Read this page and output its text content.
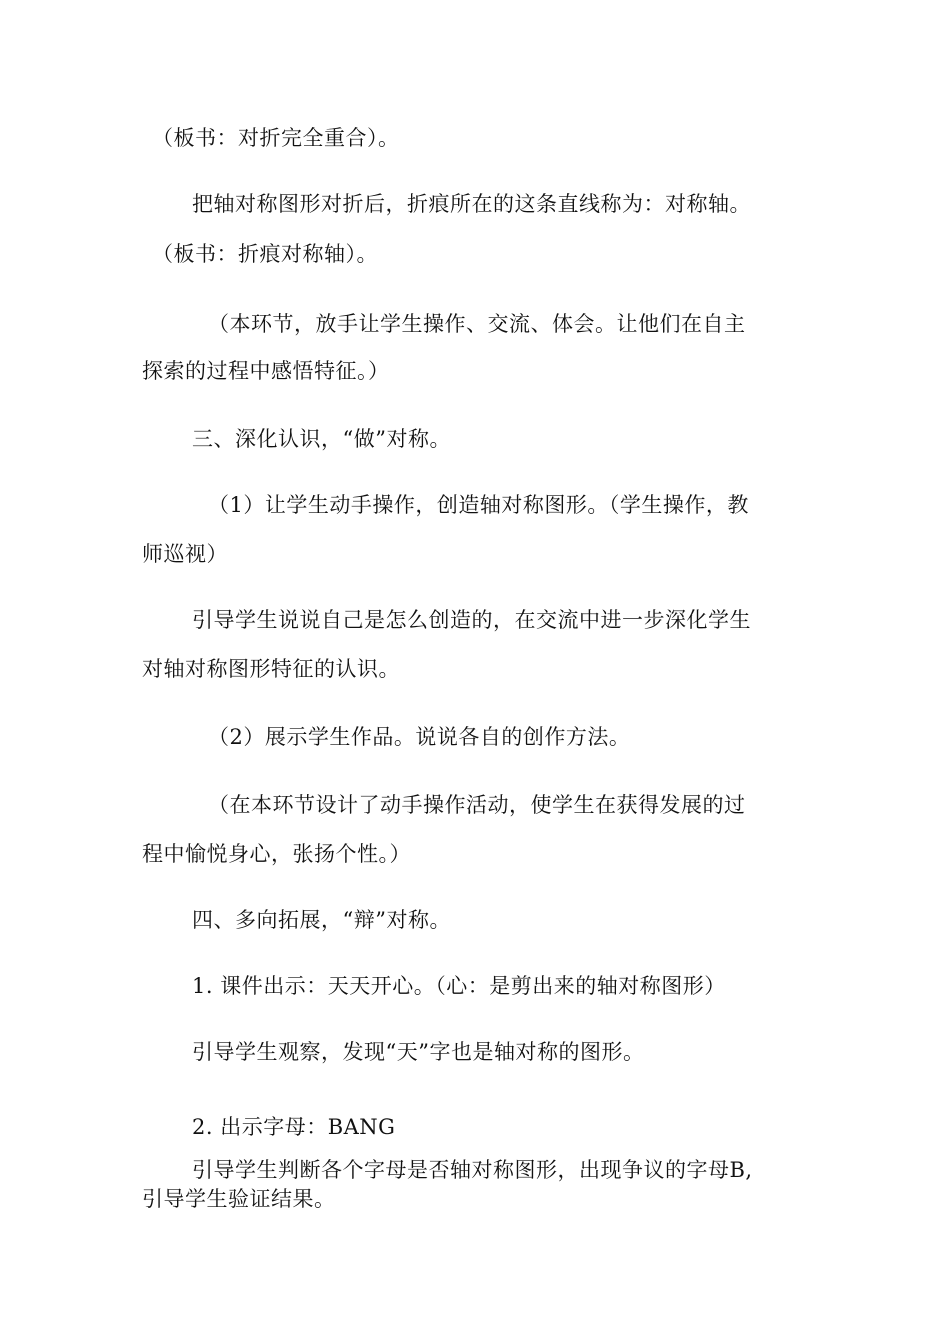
（板书：对折完全重合）。
把轴对称图形对折后，折痕所在的这条直线称为：对称轴。
（板书：折痕对称轴）。
（本环节，放手让学生操作、交流、体会。让他们在自主
探索的过程中感悟特征。）
三、深化认识，“做”对称。
（1）让学生动手操作，创造轴对称图形。（学生操作，教
师巡视）
引导学生说说自己是怎么创造的，在交流中进一步深化学生
对轴对称图形特征的认识。
（2）展示学生作品。说说各自的创作方法。
（在本环节设计了动手操作活动，使学生在获得发展的过
程中愉悦身心，张扬个性。）
四、多向拓展，“辩”对称。
1. 课件出示：天天开心。（心：是剪出来的轴对称图形）
引导学生观察，发现“天”字也是轴对称的图形。
2. 出示字母：BANG
引导学生判断各个字母是否轴对称图形，出现争议的字母B,
引导学生验证结果。
